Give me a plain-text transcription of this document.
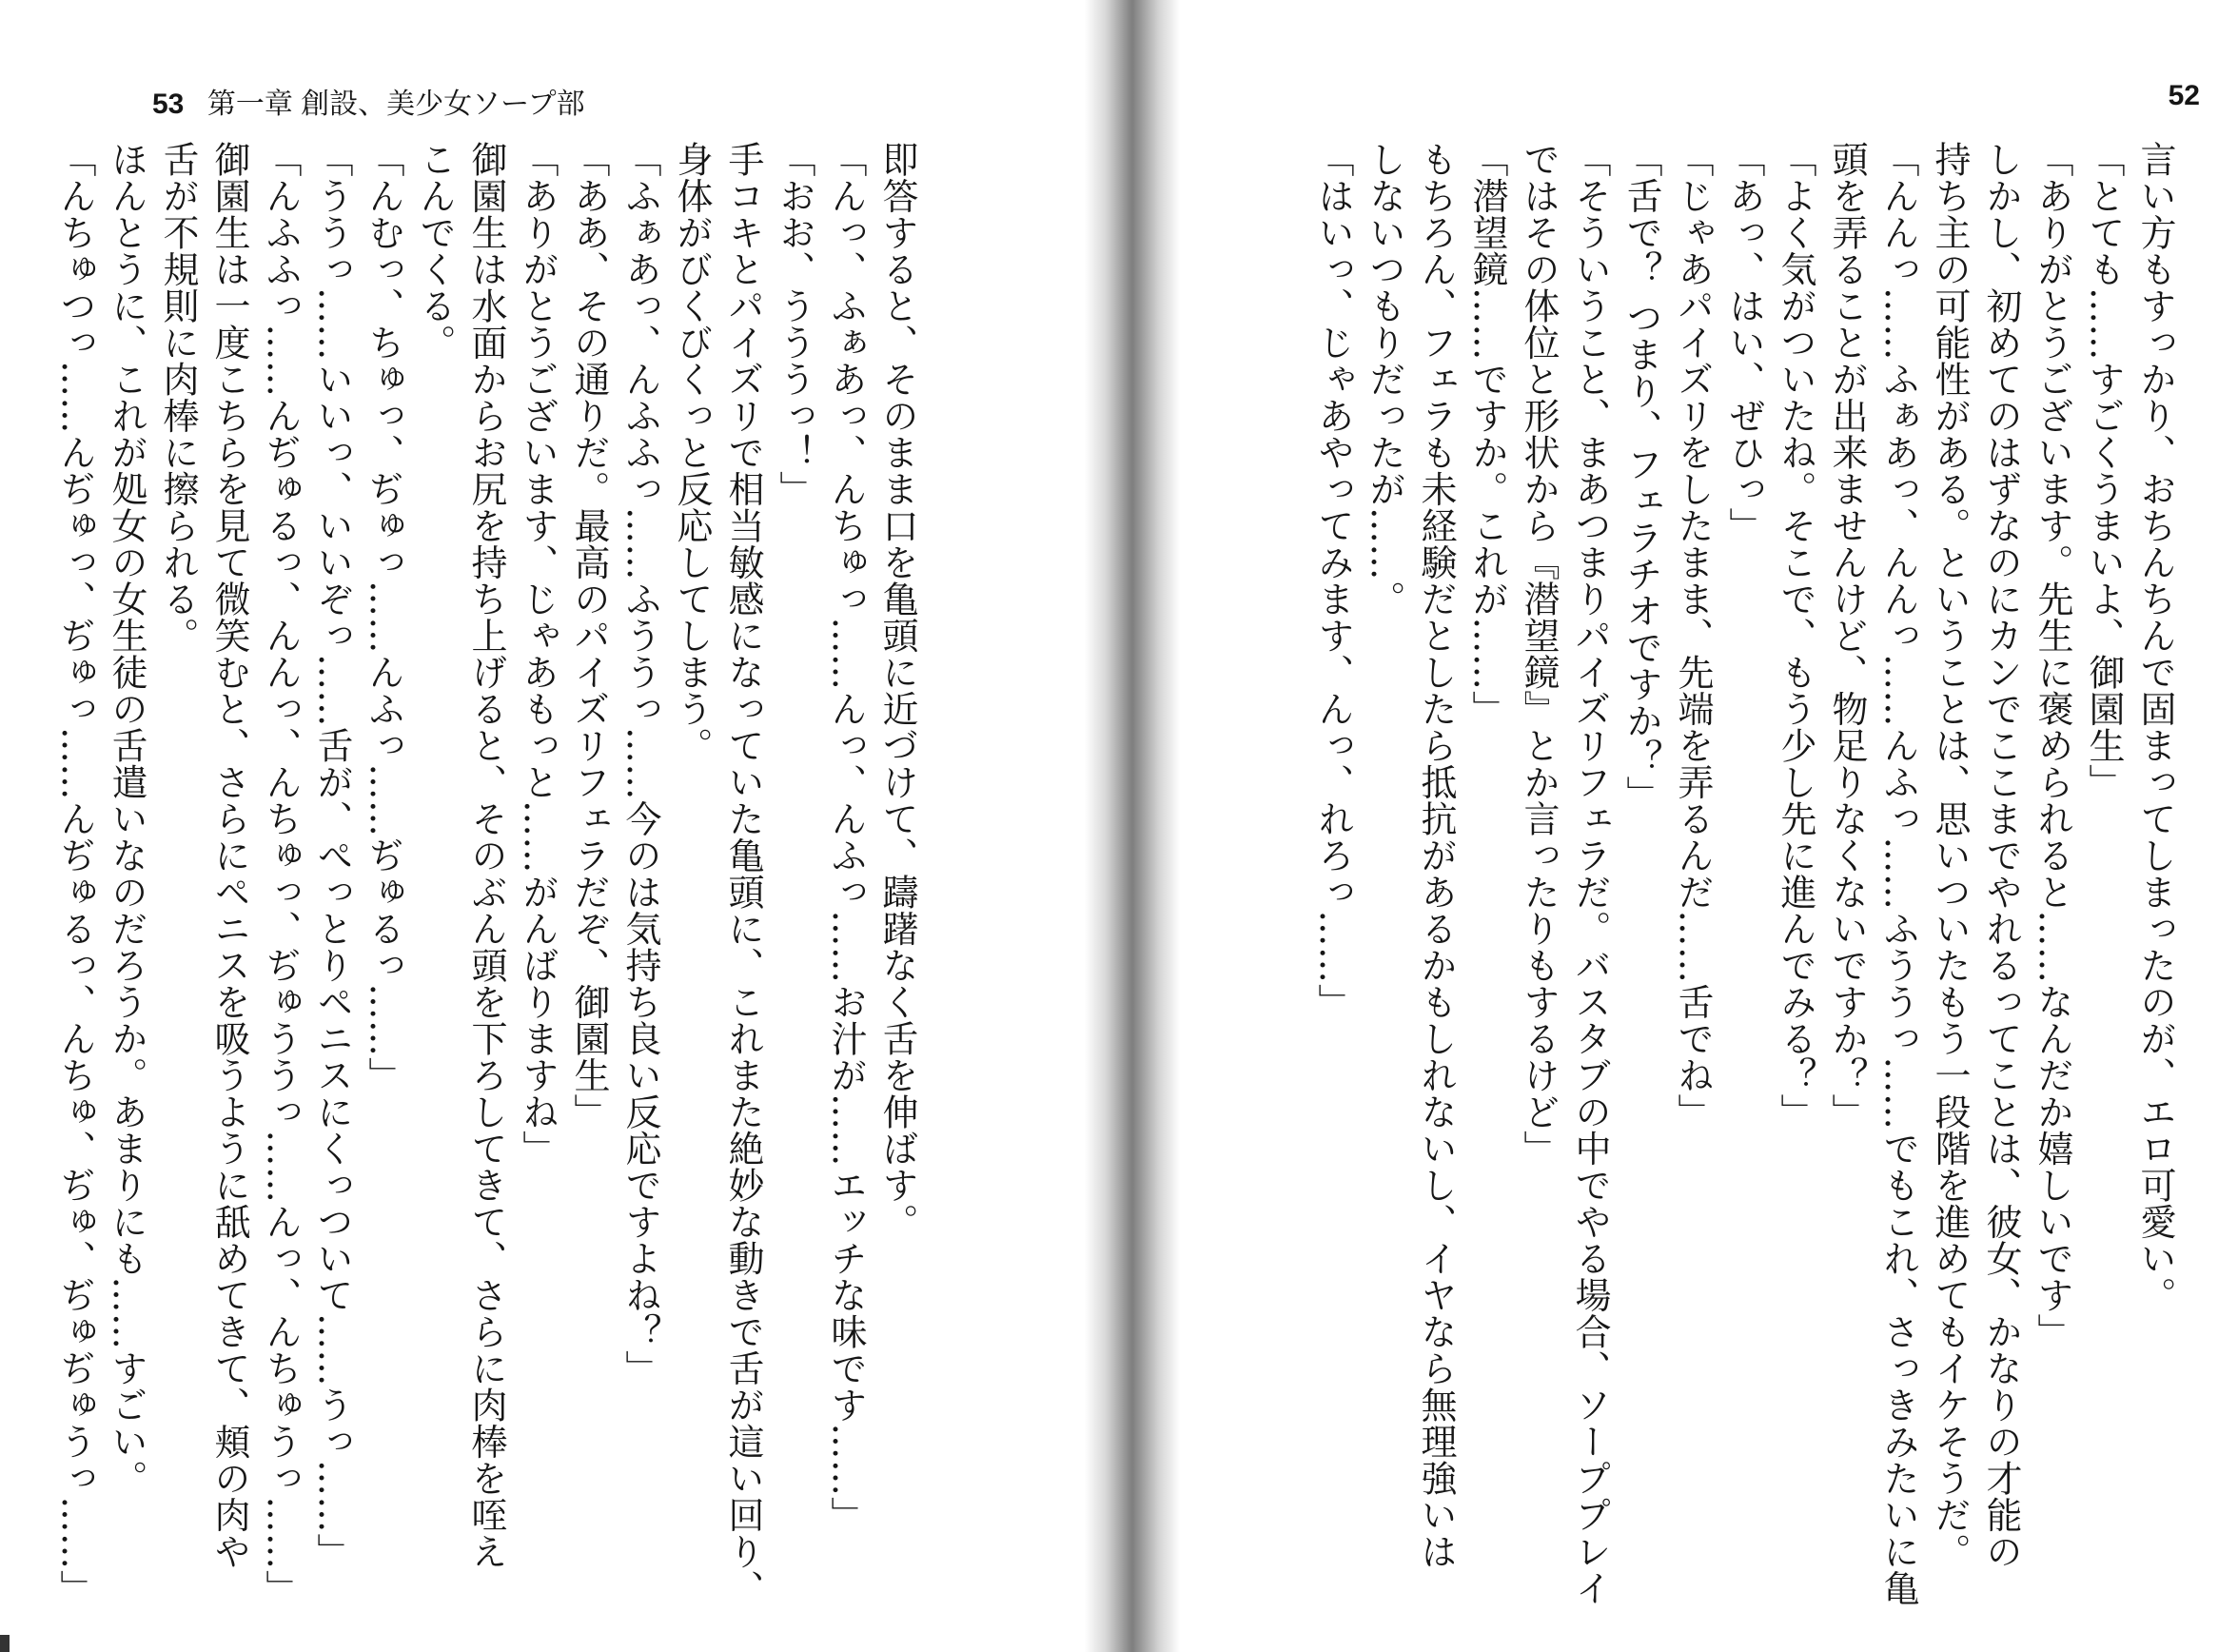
53 第一章 創設、美少女ソープ部
即答すると、そのまま口を亀頭に近づけて、躊躇なく舌を伸ばす。
「んっ、ふぁあっ、んちゅっ……んっ、んふっ……お汁が……エッチな味です……」
「おお、うううっ！」
手コキとパイズリで相当敏感になっていた亀頭に、これまた絶妙な動きで舌が這い回り、
身体がびくびくっと反応してしまう。
「ふぁあっ、んふふっ……ふううっ……今のは気持ち良い反応ですよね？」
「ああ、その通りだ。最高のパイズリフェラだぞ、御園生」
「ありがとうございます、じゃあもっと……がんばりますね」
御園生は水面からお尻を持ち上げると、そのぶん頭を下ろしてきて、さらに肉棒を咥え
こんでくる。
「んむっ、ちゅっ、ぢゅっ……んふっ……ぢゅるっ……」
「ううっ……いいっ、いいぞっ……舌が、ぺっとりペニスにくっついて……うっ……」
「んふふっ……んぢゅるっ、んんっ、んちゅっ、ぢゅううっ……んっ、んちゅうっ……」
御園生は一度こちらを見て微笑むと、さらにペニスを吸うように舐めてきて、頬の肉や
舌が不規則に肉棒に擦られる。
ほんとうに、これが処女の女生徒の舌遣いなのだろうか。あまりにも……すごい。
「んちゅつっ……んぢゅっ、ぢゅっ……んぢゅるっ、んちゅ、ぢゅ、ぢゅぢゅうっ……」
52
言い方もすっかり、おちんちんで固まってしまったのが、エロ可愛い。
「とても……すごくうまいよ、御園生」
「ありがとうございます。先生に褒められると……なんだか嬉しいです」
しかし、初めてのはずなのにカンでここまでやれるってことは、彼女、かなりの才能の
持ち主の可能性がある。ということは、思いついたもう一段階を進めてもイケそうだ。
「んんっ……ふぁあっ、んんっ……んふっ……ふううっ……でもこれ、さっきみたいに亀
頭を弄ることが出来ませんけど、物足りなくないですか？」
「よく気がついたね。そこで、もう少し先に進んでみる？」
「あっ、はい、ぜひっ」
「じゃあパイズリをしたまま、先端を弄るんだ……舌でね」
「舌で？ つまり、フェラチオですか？」
「そういうこと、まあつまりパイズリフェラだ。バスタブの中でやる場合、ソーププレイ
ではその体位と形状から『潜望鏡』とか言ったりもするけど」
「潜望鏡……ですか。これが……」
もちろん、フェラも未経験だとしたら抵抗があるかもしれないし、イヤなら無理強いは
しないつもりだったが……。
「はいっ、じゃあやってみます、んっ、れろっ……」
